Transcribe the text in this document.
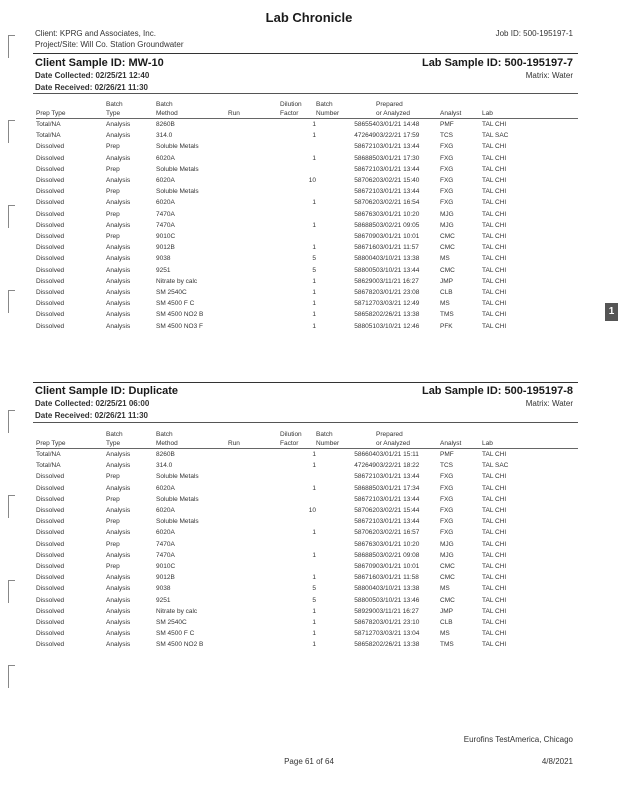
Lab Chronicle
Client: KPRG and Associates, Inc.
Project/Site: Will Co. Station Groundwater
Job ID: 500-195197-1
Client Sample ID: MW-10	Lab Sample ID: 500-195197-7
Date Collected: 02/25/21 12:40	Matrix: Water
Date Received: 02/26/21 11:30
	Batch	Batch		Dilution	Batch	Prepared		
Prep Type	Type	Method	Run	Factor	Number	or Analyzed	Analyst	Lab
Total/NA	Analysis	8260B		1	586554	03/01/21 14:48	PMF	TAL CHI
Total/NA	Analysis	314.0		1	472649	03/22/21 17:59	TCS	TAL SAC
Dissolved	Prep	Soluble Metals			586721	03/01/21 13:44	FXG	TAL CHI
Dissolved	Analysis	6020A		1	586885	03/01/21 17:30	FXG	TAL CHI
Dissolved	Prep	Soluble Metals			586721	03/01/21 13:44	FXG	TAL CHI
Dissolved	Analysis	6020A		10	587062	03/02/21 15:40	FXG	TAL CHI
Dissolved	Prep	Soluble Metals			586721	03/01/21 13:44	FXG	TAL CHI
Dissolved	Analysis	6020A		1	587062	03/02/21 16:54	FXG	TAL CHI
Dissolved	Prep	7470A			586763	03/01/21 10:20	MJG	TAL CHI
Dissolved	Analysis	7470A		1	586885	03/02/21 09:05	MJG	TAL CHI
Dissolved	Prep	9010C			586709	03/01/21 10:01	CMC	TAL CHI
Dissolved	Analysis	9012B		1	586716	03/01/21 11:57	CMC	TAL CHI
Dissolved	Analysis	9038		5	588004	03/10/21 13:38	MS	TAL CHI
Dissolved	Analysis	9251		5	588005	03/10/21 13:44	CMC	TAL CHI
Dissolved	Analysis	Nitrate by calc		1	586290	03/11/21 16:27	JMP	TAL CHI
Dissolved	Analysis	SM 2540C		1	586782	03/01/21 23:08	CLB	TAL CHI
Dissolved	Analysis	SM 4500 F C		1	587127	03/03/21 12:49	MS	TAL CHI
Dissolved	Analysis	SM 4500 NO2 B		1	586582	02/26/21 13:38	TMS	TAL CHI
Dissolved	Analysis	SM 4500 NO3 F		1	588051	03/10/21 12:46	PFK	TAL CHI
Client Sample ID: Duplicate	Lab Sample ID: 500-195197-8
Date Collected: 02/25/21 06:00	Matrix: Water
Date Received: 02/26/21 11:30
	Batch	Batch		Dilution	Batch	Prepared		
Prep Type	Type	Method	Run	Factor	Number	or Analyzed	Analyst	Lab
Total/NA	Analysis	8260B		1	586604	03/01/21 15:11	PMF	TAL CHI
Total/NA	Analysis	314.0		1	472649	03/22/21 18:22	TCS	TAL SAC
Dissolved	Prep	Soluble Metals			586721	03/01/21 13:44	FXG	TAL CHI
Dissolved	Analysis	6020A		1	586885	03/01/21 17:34	FXG	TAL CHI
Dissolved	Prep	Soluble Metals			586721	03/01/21 13:44	FXG	TAL CHI
Dissolved	Analysis	6020A		10	587062	03/02/21 15:44	FXG	TAL CHI
Dissolved	Prep	Soluble Metals			586721	03/01/21 13:44	FXG	TAL CHI
Dissolved	Analysis	6020A		1	587062	03/02/21 16:57	FXG	TAL CHI
Dissolved	Prep	7470A			586763	03/01/21 10:20	MJG	TAL CHI
Dissolved	Analysis	7470A		1	586885	03/02/21 09:08	MJG	TAL CHI
Dissolved	Prep	9010C			586709	03/01/21 10:01	CMC	TAL CHI
Dissolved	Analysis	9012B		1	586716	03/01/21 11:58	CMC	TAL CHI
Dissolved	Analysis	9038		5	588004	03/10/21 13:38	MS	TAL CHI
Dissolved	Analysis	9251		5	588005	03/10/21 13:46	CMC	TAL CHI
Dissolved	Analysis	Nitrate by calc		1	589290	03/11/21 16:27	JMP	TAL CHI
Dissolved	Analysis	SM 2540C		1	586782	03/01/21 23:10	CLB	TAL CHI
Dissolved	Analysis	SM 4500 F C		1	587127	03/03/21 13:04	MS	TAL CHI
Dissolved	Analysis	SM 4500 NO2 B		1	586582	02/26/21 13:38	TMS	TAL CHI
Eurofins TestAmerica, Chicago
Page 61 of 64	4/8/2021
1
